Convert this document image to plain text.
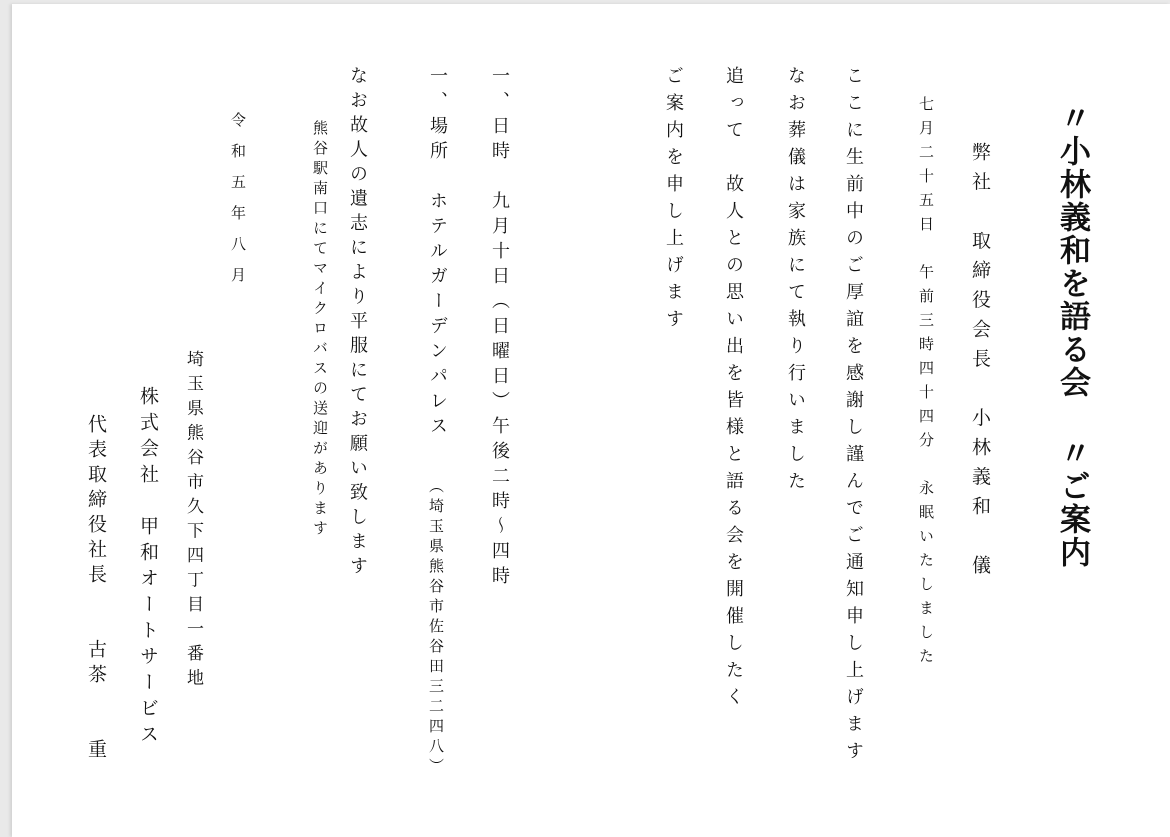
〃小林義和を語る会 〃ご案内
弊社　取締役会長　小林義和　儀
七月二十五日　午前三時四十四分　永眠いたしました
ここに生前中のご厚誼を感謝し謹んでご通知申し上げます
なお葬儀は家族にて執り行いました
追って　故人との思い出を皆様と語る会を開催したく
ご案内を申し上げます
一、日時　九月十日（日曜日）午後二時～四時
一、場所　ホテルガーデンパレス
（埼玉県熊谷市佐谷田三二四八）
なお故人の遺志により平服にてお願い致します
熊谷駅南口にてマイクロバスの送迎があります
令和五年八月
埼玉県熊谷市久下四丁目一番地
株式会社　甲和オートサービス
代表取締役社長　　古茶　　重
